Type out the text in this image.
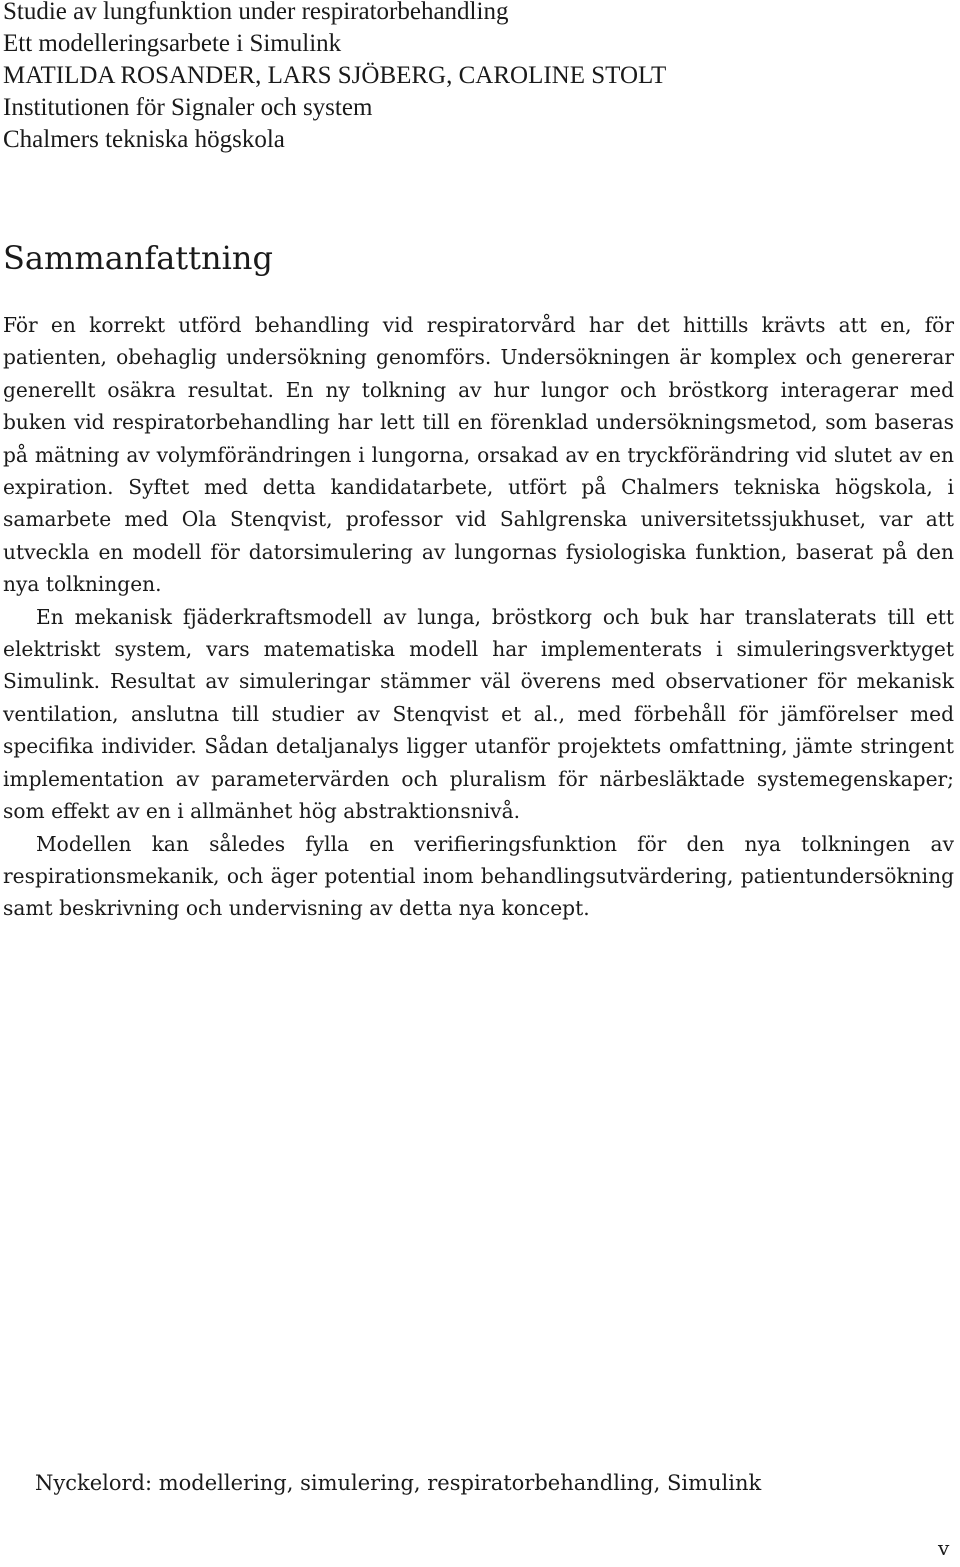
Studie av lungfunktion under respiratorbehandling

Ett modelleringsarbete i Simulink

MATILDA ROSANDER, LARS SJÖBERG, CAROLINE STOLT

Institutionen för Signaler och system

Chalmers tekniska högskola

Sammanfattning

För en korrekt utförd behandling vid respiratorvård har det hittills krävts att en, för patienten, obehaglig undersökning genomförs. Undersökningen är komplex och genererar generellt osäkra resultat. En ny tolkning av hur lungor och bröstkorg interagerar med buken vid respiratorbehandling har lett till en förenklad undersökningsmetod, som baseras på mätning av volymförändringen i lungorna, orsakad av en tryckförändring vid slutet av en expiration. Syftet med detta kandidatarbete, utfört på Chalmers tekniska högskola, i samarbete med Ola Stenqvist, professor vid Sahlgrenska universitetssjukhuset, var att utveckla en modell för datorsimulering av lungornas fysiologiska funktion, baserat på den nya tolkningen.

En mekanisk fjäderkraftsmodell av lunga, bröstkorg och buk har translaterats till ett elektriskt system, vars matematiska modell har implementerats i simuleringsverktyget Simulink. Resultat av simuleringar stämmer väl överens med observationer för mekanisk ventilation, anslutna till studier av Stenqvist et al., med förbehåll för jämförelser med specifika individer. Sådan detaljanalys ligger utanför projektets omfattning, jämte stringent implementation av parametervärden och pluralism för närbesläktade systemegenskaper; som effekt av en i allmänhet hög abstraktionsnivå.

Modellen kan således fylla en verifieringsfunktion för den nya tolkningen av respirationsmekanik, och äger potential inom behandlingsutvärdering, patientundersökning samt beskrivning och undervisning av detta nya koncept.

Nyckelord: modellering, simulering, respiratorbehandling, Simulink

v
